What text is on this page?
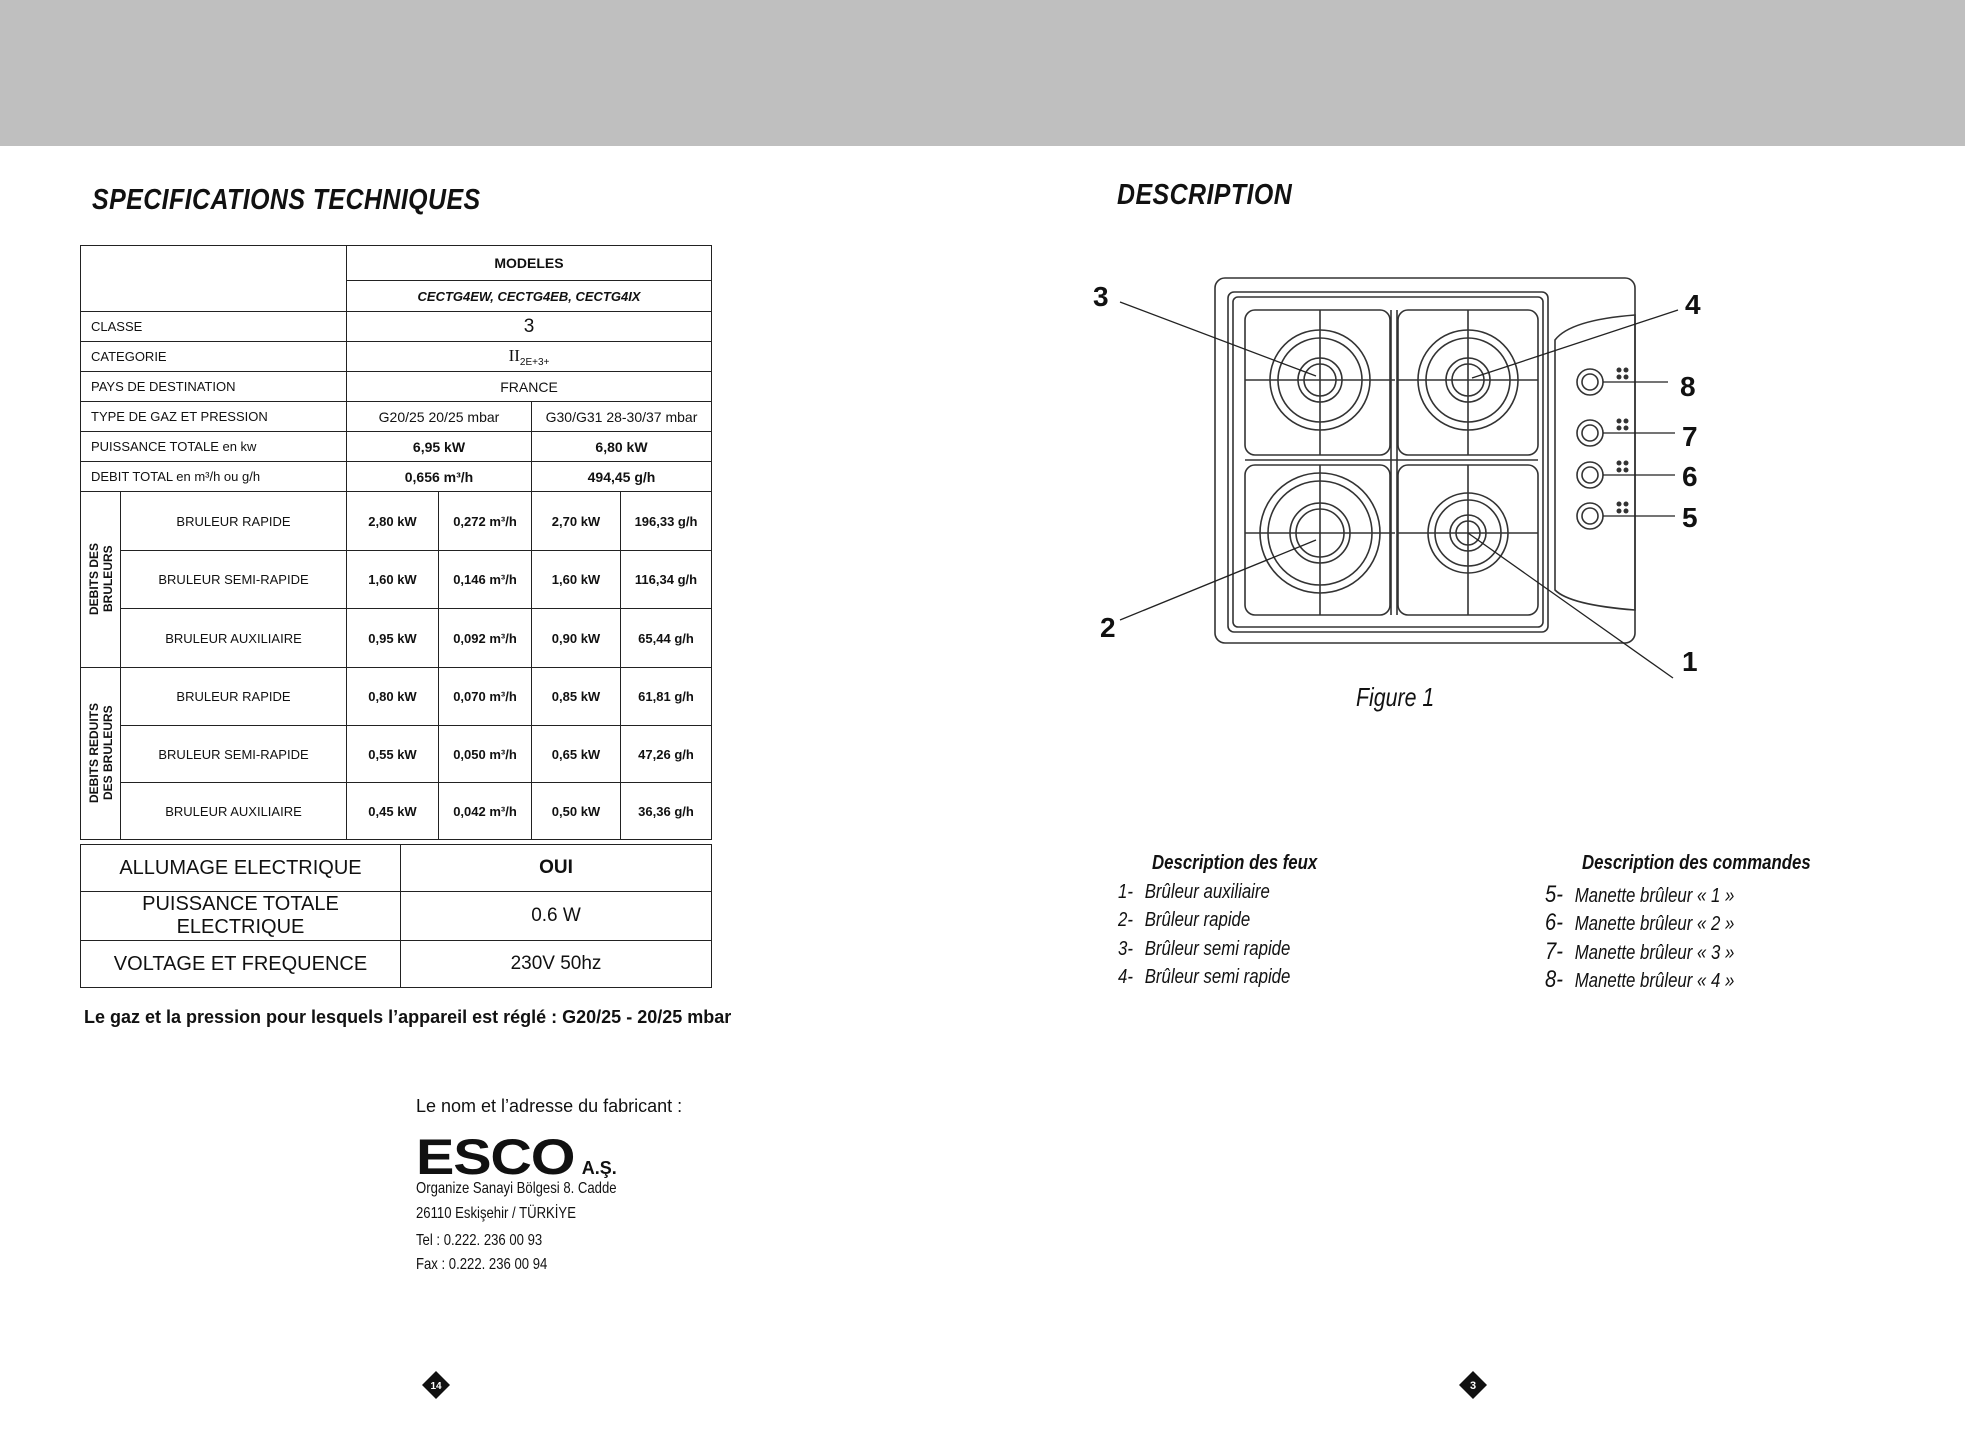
SPECIFICATIONS TECHNIQUES	DESCRIPTION
		MODELES			
		CECTG4EW, CECTG4EB, CECTG4IX			
CLASSE		3			
CATEGORIE		$II_{2E+3+}$
PAYS DE DESTINATION		FRANCE			
TYPE DE GAZ ET PRESSION		G20/25 20/25 mbar		G30/G31 28-30/37 mbar	
PUISSANCE TOTALE en kw		6,95 kW		6,80 kW	
DEBIT TOTAL en m³/h ou g/h		0,656 m³/h		494,45 g/h	

DEBITS DES
BRULEURS	BRULEUR RAPIDE	2,80 kW	0,272 m³/h	2,70 kW	196,33 g/h
	BRULEUR SEMI-RAPIDE	1,60 kW	0,146 m³/h	1,60 kW	116,34 g/h
	BRULEUR AUXILIAIRE	0,95 kW	0,092 m³/h	0,90 kW	65,44 g/h

DEBITS REDUITS
DES BRULEURS	BRULEUR RAPIDE	0,80 kW	0,070 m³/h	0,85 kW	61,81 g/h
	BRULEUR SEMI-RAPIDE	0,55 kW	0,050 m³/h	0,65 kW	47,26 g/h
	BRULEUR AUXILIAIRE	0,45 kW	0,042 m³/h	0,50 kW	36,36 g/h
ALLUMAGE ELECTRIQUE	OUI
PUISSANCE TOTALE ELECTRIQUE	0.6 W
VOLTAGE ET FREQUENCE	230V 50hz
Le gaz et la pression pour lesquels l’appareil est réglé : G20/25 - 20/25 mbar
Le nom et l’adresse du fabricant :
ESCO A.Ş.
Organize Sanayi Bölgesi 8. Cadde
26110 Eskişehir / TÜRKİYE
Tel : 0.222. 236 00 93
Fax : 0.222. 236 00 94
14	3
3	4
8
7
6
5
2
1
Figure 1
Description des feux
1- Brûleur auxiliaire
2- Brûleur rapide
3- Brûleur semi rapide
4- Brûleur semi rapide
Description des commandes
5- Manette brûleur « 1 »
6- Manette brûleur « 2 »
7- Manette brûleur « 3 »
8- Manette brûleur « 4 »
